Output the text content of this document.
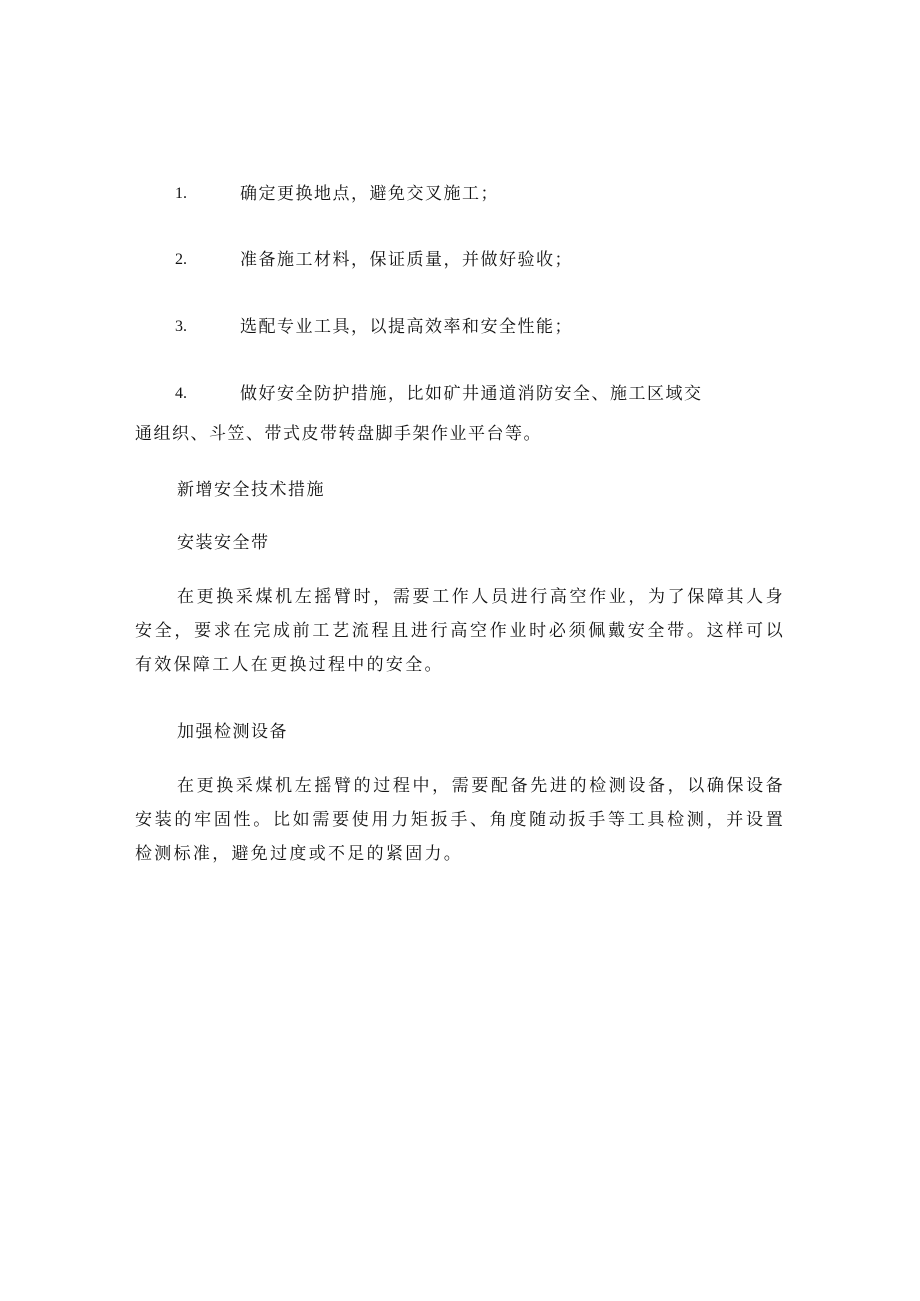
1.	确定更换地点，避免交叉施工；
2.	准备施工材料，保证质量，并做好验收；
3.	选配专业工具，以提高效率和安全性能；
4.	做好安全防护措施，比如矿井通道消防安全、施工区域交
通组织、斗笠、带式皮带转盘脚手架作业平台等。
新增安全技术措施
安装安全带
在更换采煤机左摇臂时，需要工作人员进行高空作业，为了保障其人身安全，要求在完成前工艺流程且进行高空作业时必须佩戴安全带。这样可以有效保障工人在更换过程中的安全。
加强检测设备
在更换采煤机左摇臂的过程中，需要配备先进的检测设备，以确保设备安装的牢固性。比如需要使用力矩扳手、角度随动扳手等工具检测，并设置检测标准，避免过度或不足的紧固力。
